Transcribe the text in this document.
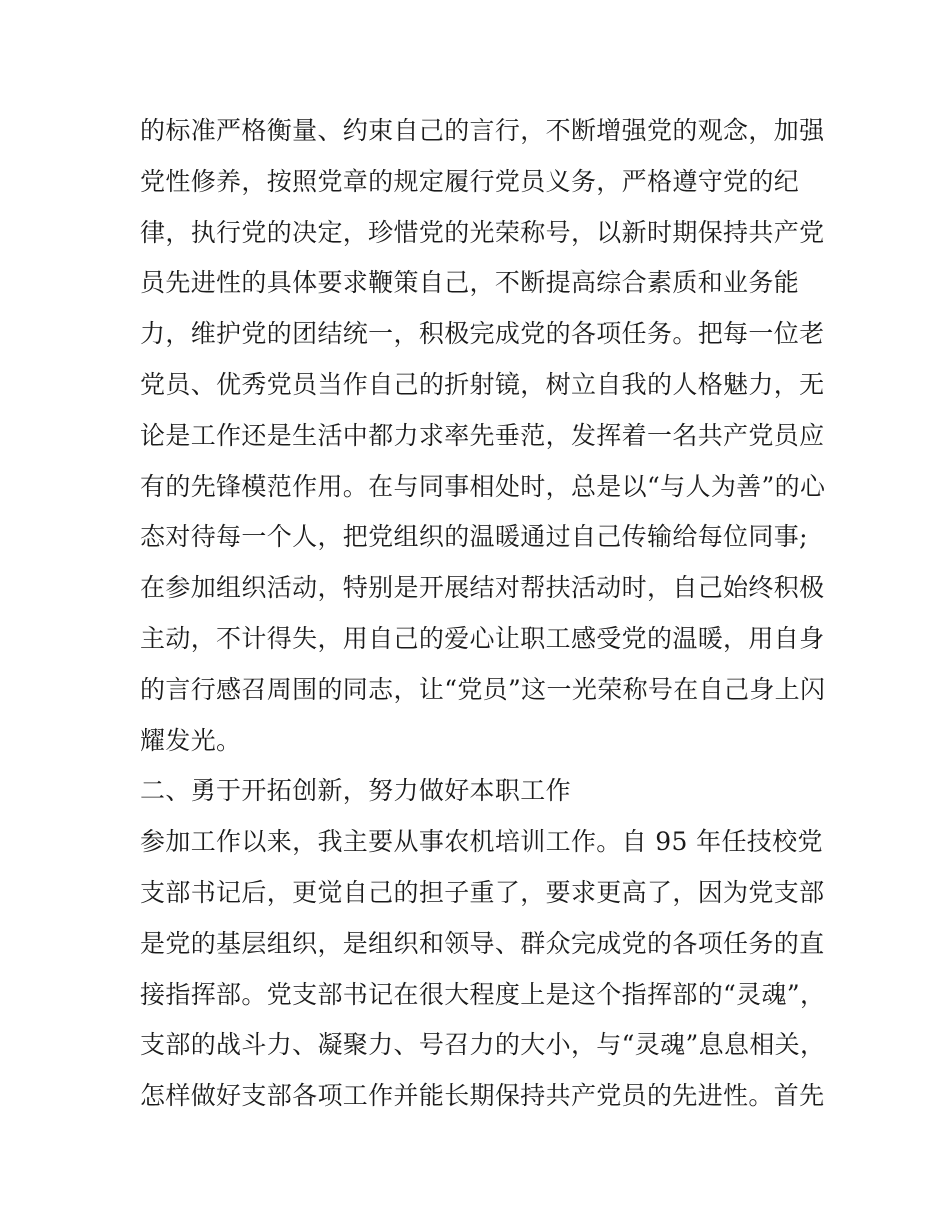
的标准严格衡量、约束自己的言行，不断增强党的观念，加强
党性修养，按照党章的规定履行党员义务，严格遵守党的纪
律，执行党的决定，珍惜党的光荣称号，以新时期保持共产党
员先进性的具体要求鞭策自己，不断提高综合素质和业务能
力，维护党的团结统一，积极完成党的各项任务。把每一位老
党员、优秀党员当作自己的折射镜，树立自我的人格魅力，无
论是工作还是生活中都力求率先垂范，发挥着一名共产党员应
有的先锋模范作用。在与同事相处时，总是以“与人为善”的心
态对待每一个人，把党组织的温暖通过自己传输给每位同事;
在参加组织活动，特别是开展结对帮扶活动时，自己始终积极
主动，不计得失，用自己的爱心让职工感受党的温暖，用自身
的言行感召周围的同志，让“党员”这一光荣称号在自己身上闪
耀发光。
二、勇于开拓创新，努力做好本职工作
参加工作以来，我主要从事农机培训工作。自 95 年任技校党
支部书记后，更觉自己的担子重了，要求更高了，因为党支部
是党的基层组织，是组织和领导、群众完成党的各项任务的直
接指挥部。党支部书记在很大程度上是这个指挥部的“灵魂”，
支部的战斗力、凝聚力、号召力的大小，与“灵魂”息息相关，
怎样做好支部各项工作并能长期保持共产党员的先进性。首先
